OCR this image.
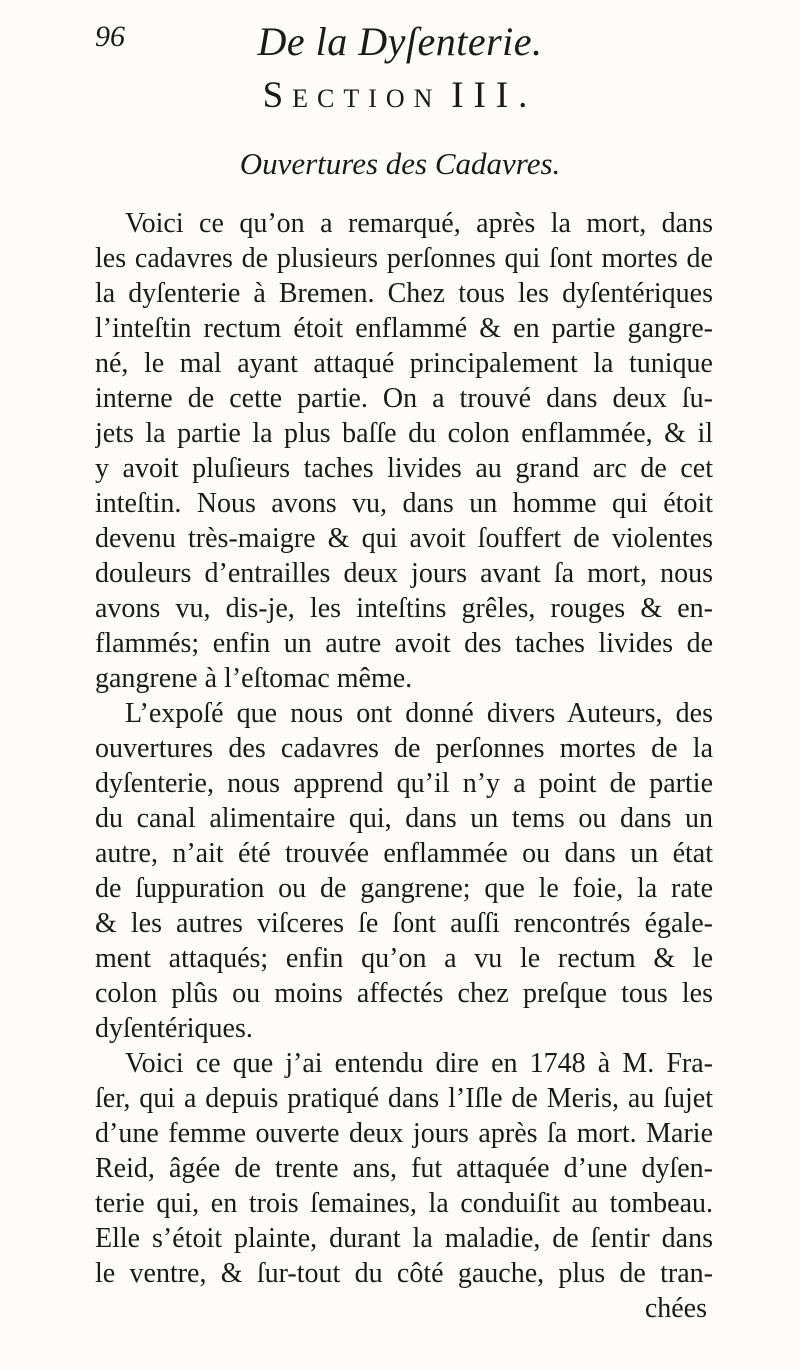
96	De la Dyſenterie.
Section III.
Ouvertures des Cadavres.
Voici ce qu’on a remarqué, après la mort, dans
les cadavres de plusieurs perſonnes qui ſont mortes de
la dyſenterie à Bremen. Chez tous les dyſentériques
l’inteſtin rectum étoit enflammé & en partie gangre-
né, le mal ayant attaqué principalement la tunique
interne de cette partie. On a trouvé dans deux ſu-
jets la partie la plus baſſe du colon enflammée, & il
y avoit pluſieurs taches livides au grand arc de cet
inteſtin. Nous avons vu, dans un homme qui étoit
devenu très-maigre & qui avoit ſouffert de violentes
douleurs d’entrailles deux jours avant ſa mort, nous
avons vu, dis-je, les inteſtins grêles, rouges & en-
flammés; enfin un autre avoit des taches livides de
gangrene à l’eſtomac même.
L’expoſé que nous ont donné divers Auteurs, des
ouvertures des cadavres de perſonnes mortes de la
dyſenterie, nous apprend qu’il n’y a point de partie
du canal alimentaire qui, dans un tems ou dans un
autre, n’ait été trouvée enflammée ou dans un état
de ſuppuration ou de gangrene; que le foie, la rate
& les autres viſceres ſe ſont auſſi rencontrés égale-
ment attaqués; enfin qu’on a vu le rectum & le
colon plûs ou moins affectés chez preſque tous les
dyſentériques.
Voici ce que j’ai entendu dire en 1748 à M. Fra-
ſer, qui a depuis pratiqué dans l’Iſle de Meris, au ſujet
d’une femme ouverte deux jours après ſa mort. Marie
Reid, âgée de trente ans, fut attaquée d’une dyſen-
terie qui, en trois ſemaines, la conduiſit au tombeau.
Elle s’étoit plainte, durant la maladie, de ſentir dans
le ventre, & ſur-tout du côté gauche, plus de tran-
chées
